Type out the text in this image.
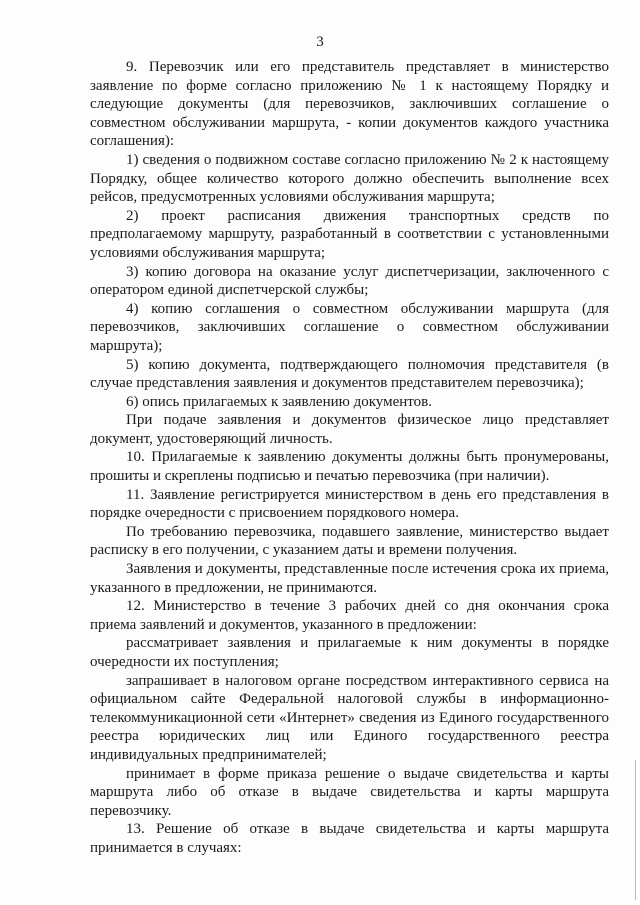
3

9. Перевозчик или его представитель представляет в министерство заявление по форме согласно приложению № 1 к настоящему Порядку и следующие документы (для перевозчиков, заключивших соглашение о совместном обслуживании маршрута, - копии документов каждого участника соглашения):

1) сведения о подвижном составе согласно приложению № 2 к настоящему Порядку, общее количество которого должно обеспечить выполнение всех рейсов, предусмотренных условиями обслуживания маршрута;

2) проект расписания движения транспортных средств по предполагаемому маршруту, разработанный в соответствии с установленными условиями обслуживания маршрута;

3) копию договора на оказание услуг диспетчеризации, заключенного с оператором единой диспетчерской службы;

4) копию соглашения о совместном обслуживании маршрута (для перевозчиков, заключивших соглашение о совместном обслуживании маршрута);

5) копию документа, подтверждающего полномочия представителя (в случае представления заявления и документов представителем перевозчика);

6) опись прилагаемых к заявлению документов.

При подаче заявления и документов физическое лицо представляет документ, удостоверяющий личность.

10. Прилагаемые к заявлению документы должны быть пронумерованы, прошиты и скреплены подписью и печатью перевозчика (при наличии).

11. Заявление регистрируется министерством в день его представления в порядке очередности с присвоением порядкового номера.

По требованию перевозчика, подавшего заявление, министерство выдает расписку в его получении, с указанием даты и времени получения.

Заявления и документы, представленные после истечения срока их приема, указанного в предложении, не принимаются.

12. Министерство в течение 3 рабочих дней со дня окончания срока приема заявлений и документов, указанного в предложении:

рассматривает заявления и прилагаемые к ним документы в порядке очередности их поступления;

запрашивает в налоговом органе посредством интерактивного сервиса на официальном сайте Федеральной налоговой службы в информационно-телекоммуникационной сети «Интернет» сведения из Единого государственного реестра юридических лиц или Единого государственного реестра индивидуальных предпринимателей;

принимает в форме приказа решение о выдаче свидетельства и карты маршрута либо об отказе в выдаче свидетельства и карты маршрута перевозчику.

13. Решение об отказе в выдаче свидетельства и карты маршрута принимается в случаях:
